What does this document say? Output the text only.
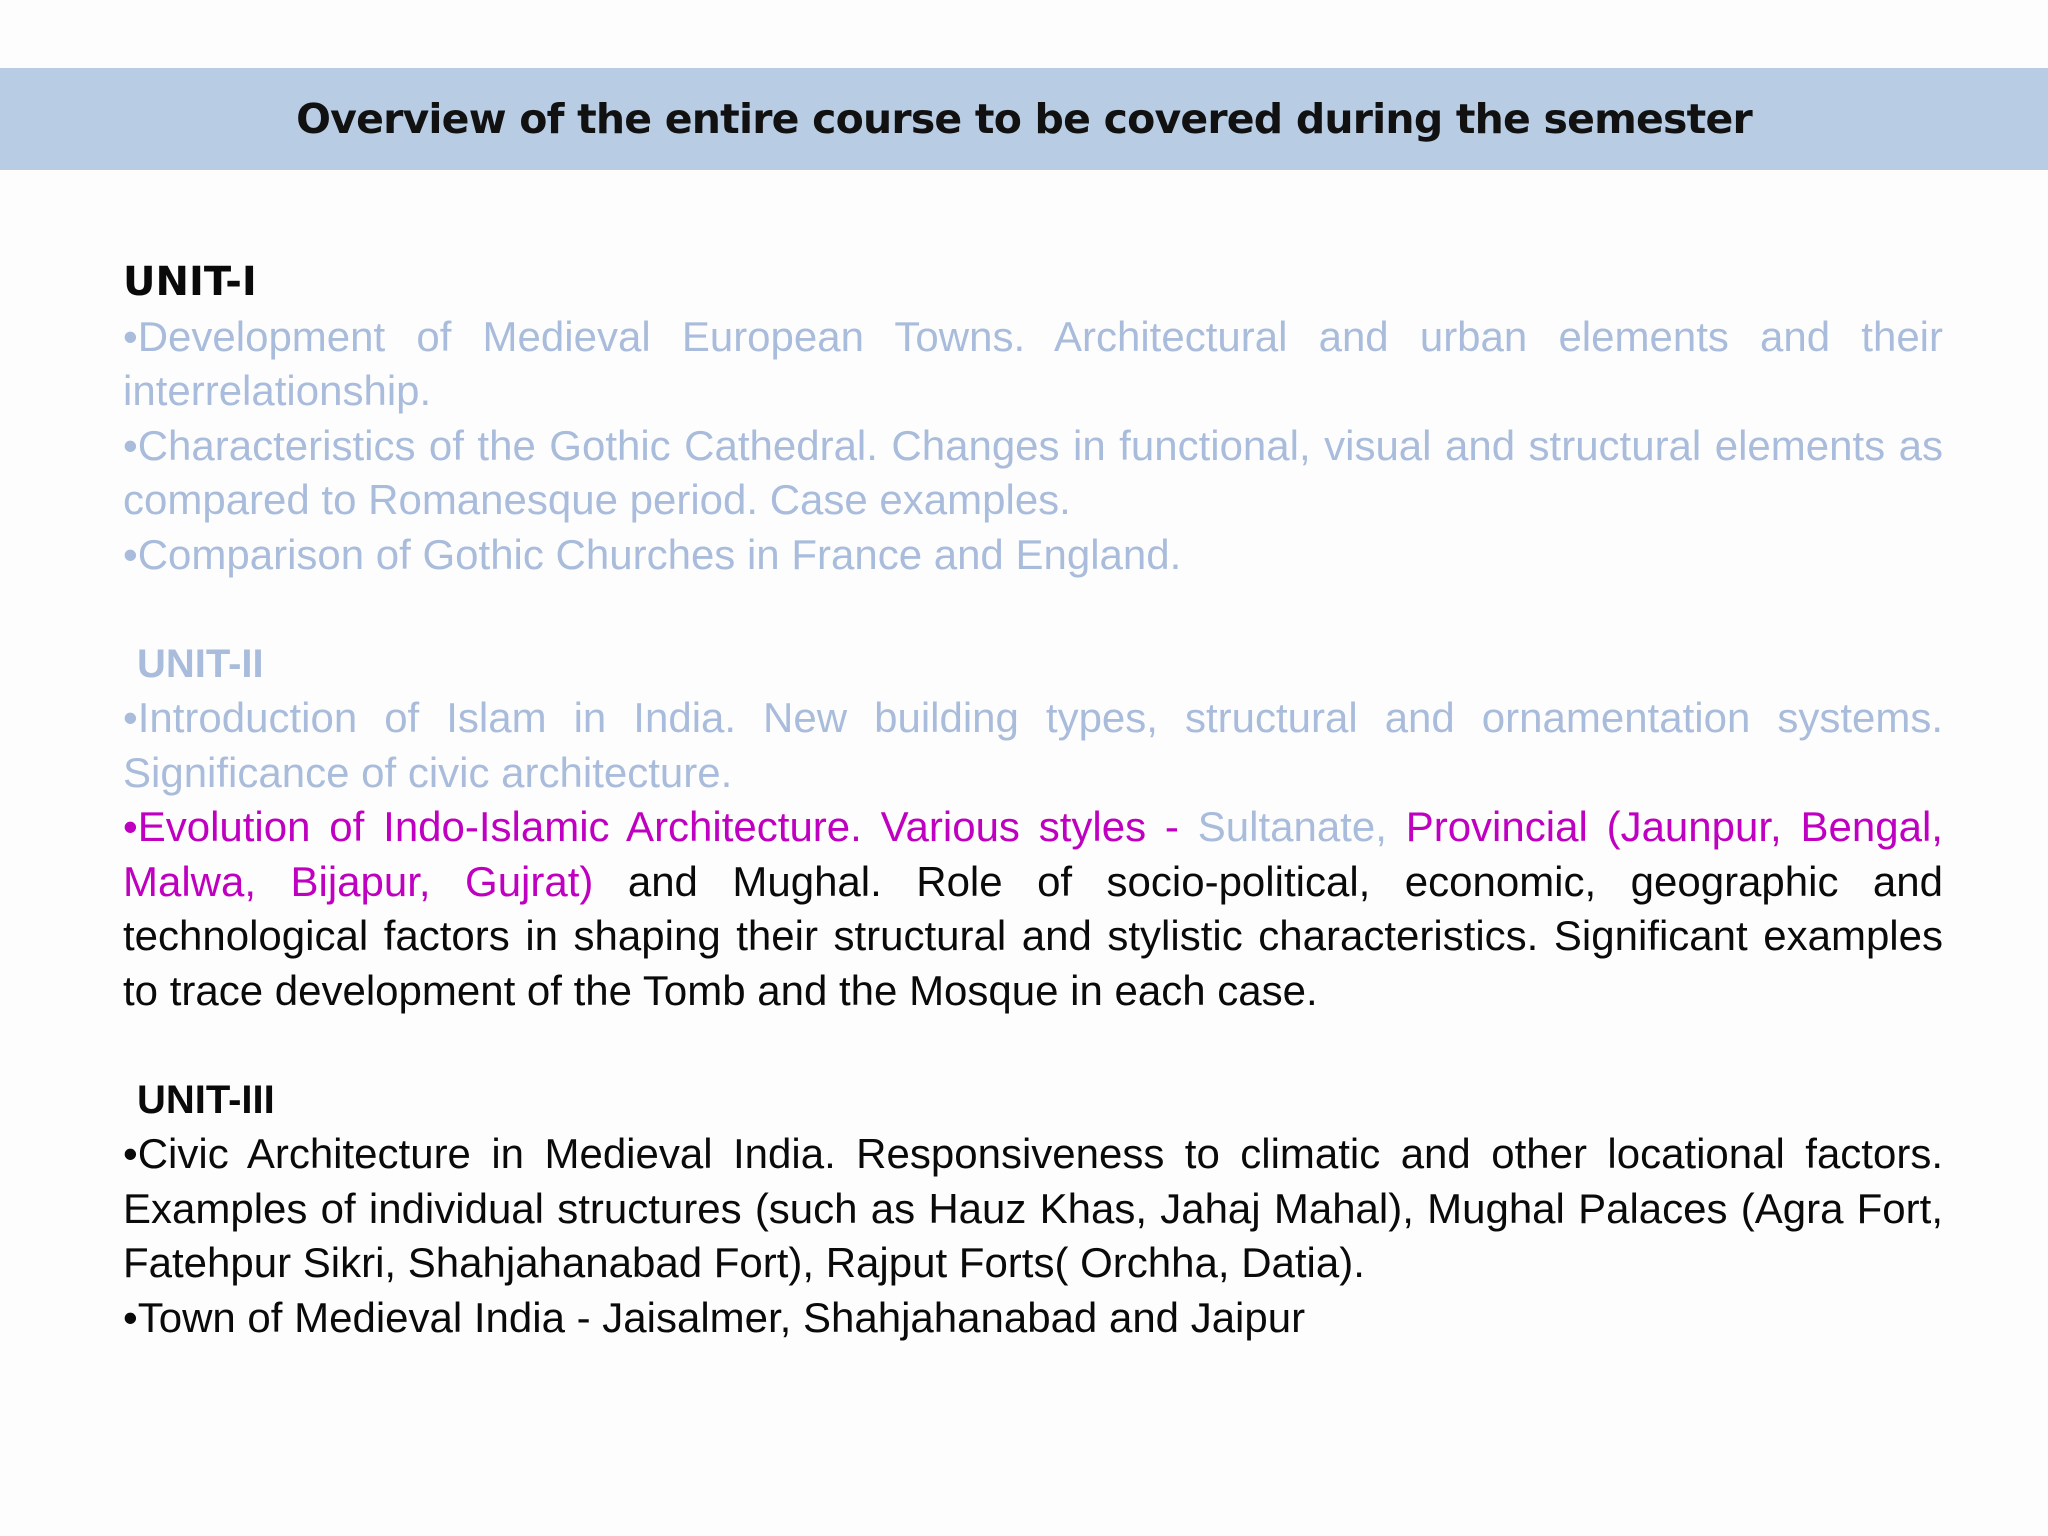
Overview of the entire course to be covered during the semester
UNIT-I

•Development of Medieval European Towns. Architectural and urban elements and their interrelationship.

•Characteristics of the Gothic Cathedral. Changes in functional, visual and structural elements as compared to Romanesque period. Case examples.

•Comparison of Gothic Churches in France and England.

UNIT-II

•Introduction of Islam in India. New building types, structural and ornamentation systems. Significance of civic architecture.

•Evolution of Indo-Islamic Architecture. Various styles - Sultanate, Provincial (Jaunpur, Bengal, Malwa, Bijapur, Gujrat) and Mughal. Role of socio-political, economic, geographic and technological factors in shaping their structural and stylistic characteristics. Significant examples to trace development of the Tomb and the Mosque in each case.

UNIT-III

•Civic Architecture in Medieval India. Responsiveness to climatic and other locational factors. Examples of individual structures (such as Hauz Khas, Jahaj Mahal), Mughal Palaces (Agra Fort, Fatehpur Sikri, Shahjahanabad Fort), Rajput Forts( Orchha, Datia).

•Town of Medieval India - Jaisalmer, Shahjahanabad and Jaipur
